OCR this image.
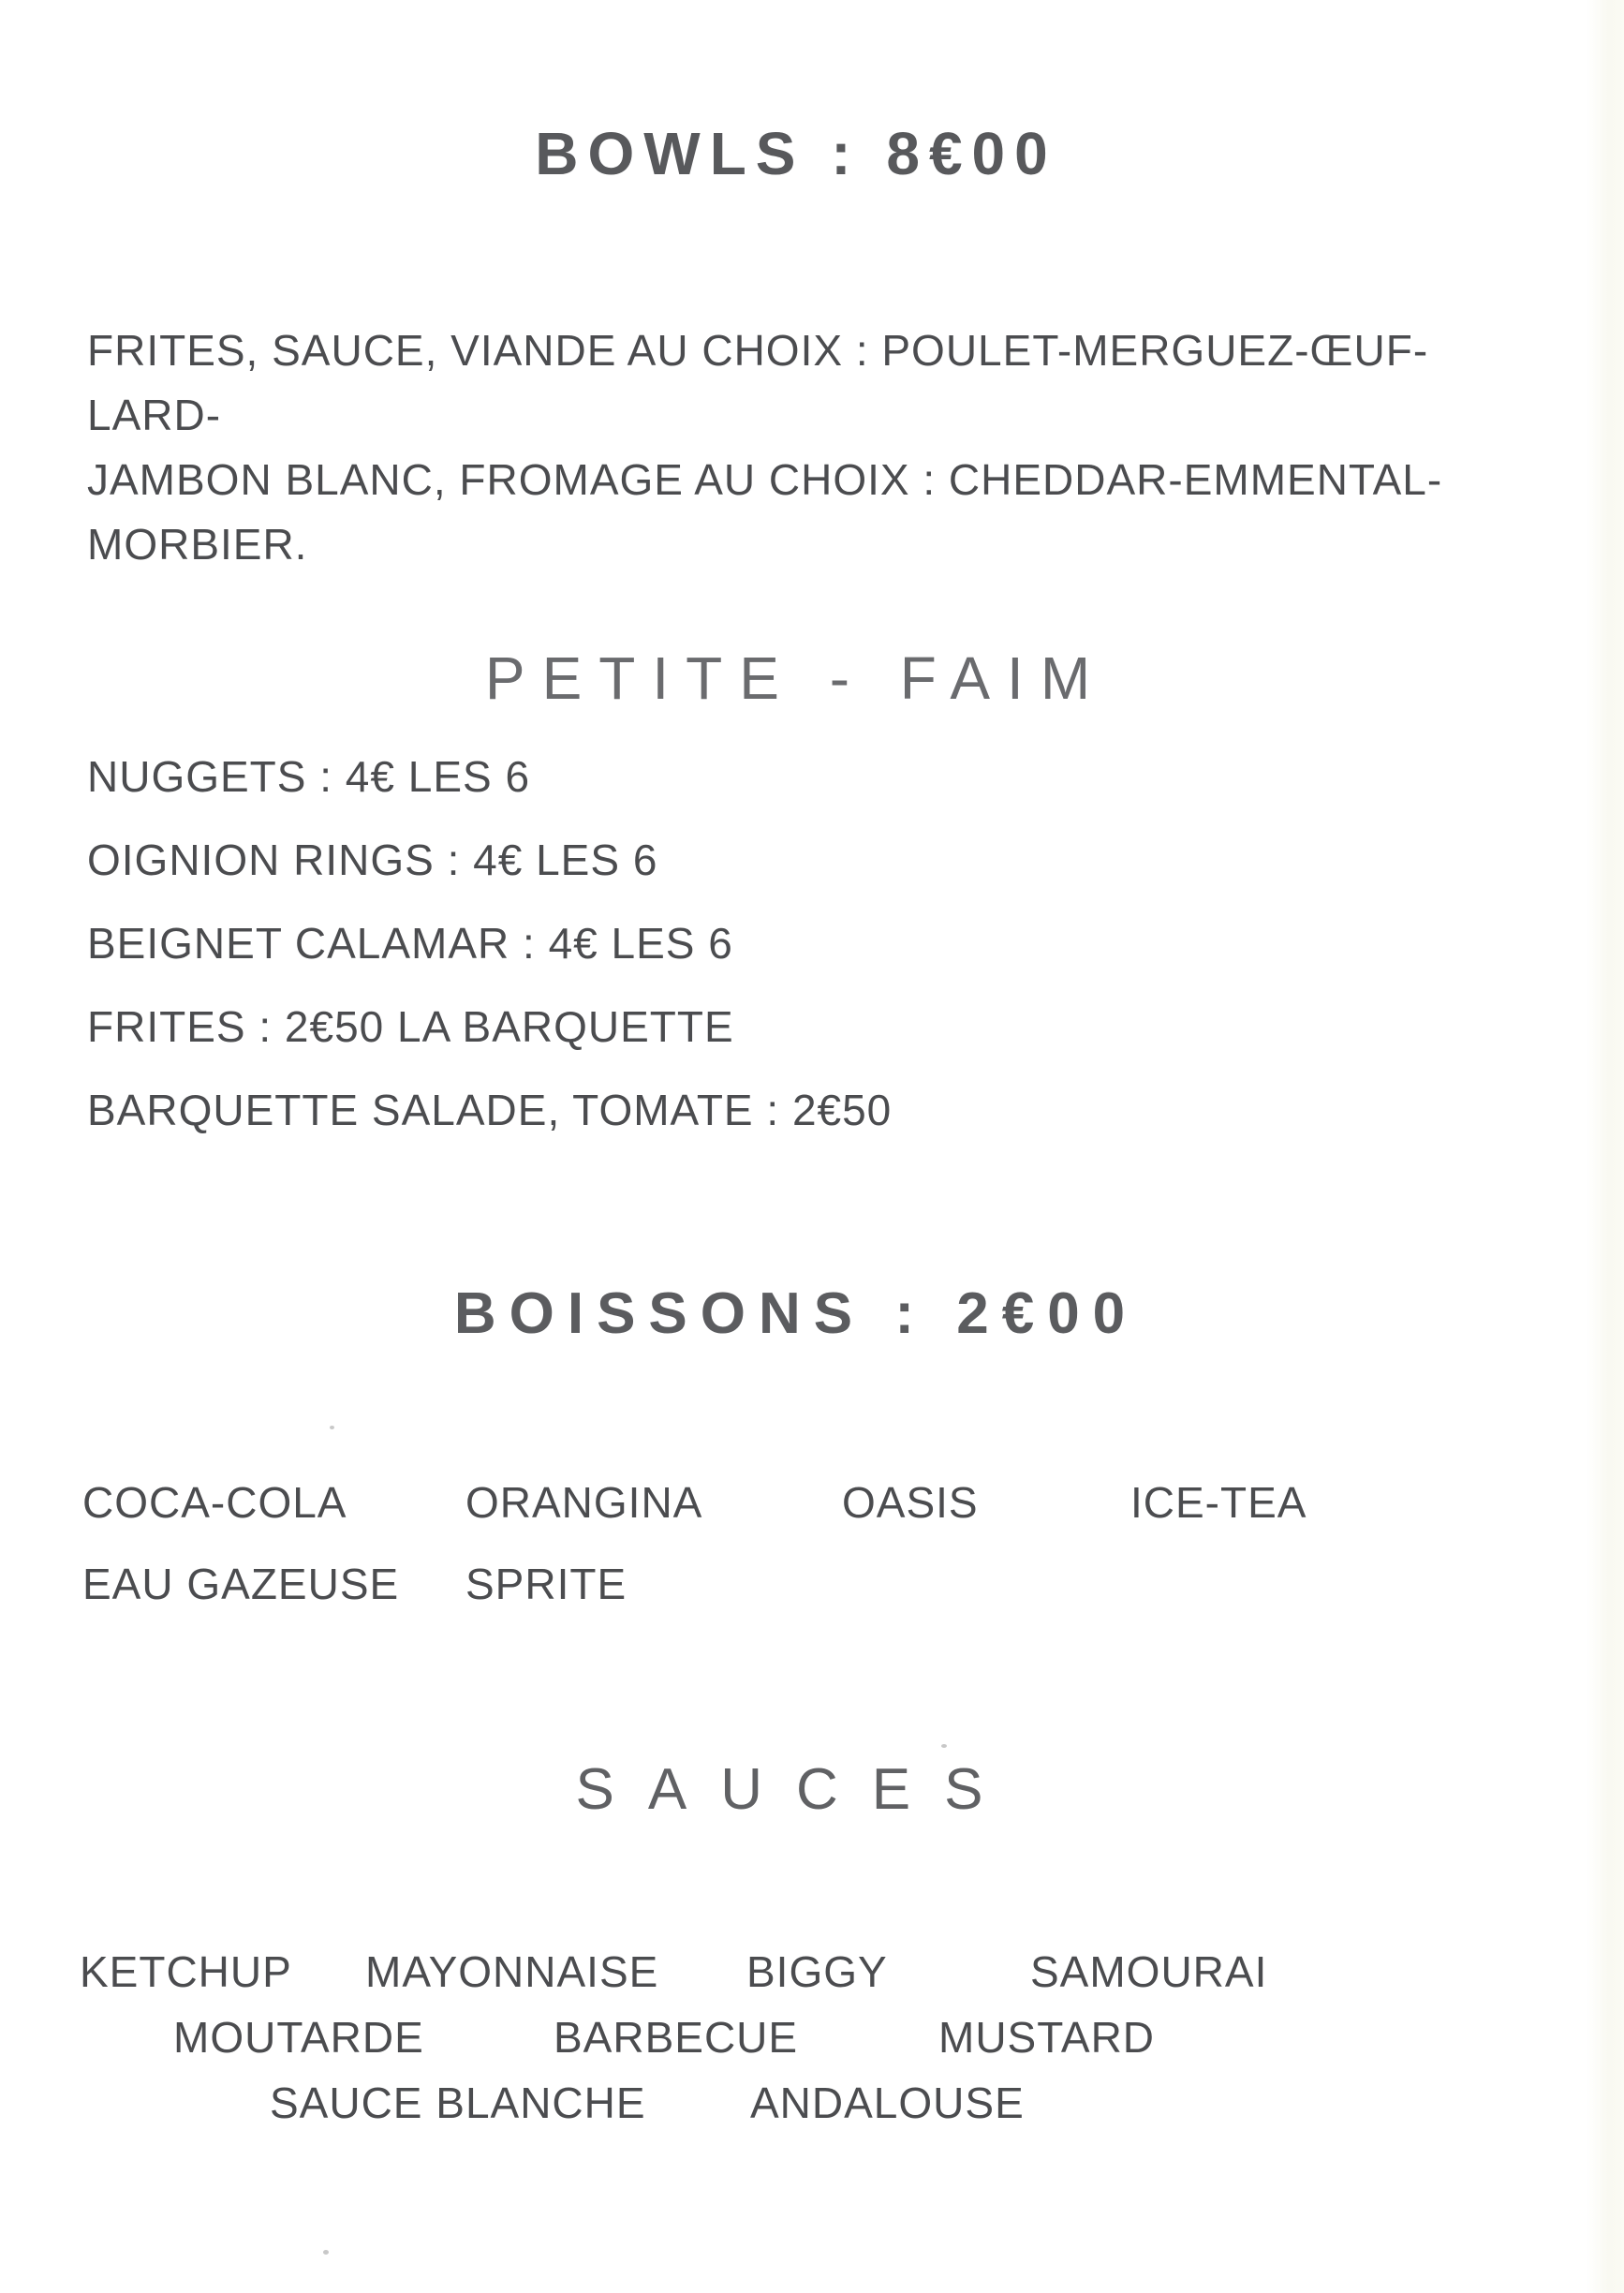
BOWLS : 8€00
FRITES, SAUCE, VIANDE AU CHOIX : POULET-MERGUEZ-ŒUF-LARD-
JAMBON BLANC, FROMAGE AU CHOIX : CHEDDAR-EMMENTAL-
MORBIER.
PETITE - FAIM
NUGGETS : 4€ LES 6
OIGNION RINGS : 4€ LES 6
BEIGNET CALAMAR : 4€ LES 6
FRITES : 2€50 LA BARQUETTE
BARQUETTE SALADE, TOMATE : 2€50
BOISSONS : 2€00
COCA-COLA	ORANGINA	OASIS	ICE-TEA
EAU GAZEUSE SPRITE
SAUCES
KETCHUP MAYONNAISE BIGGY	SAMOURAI
MOUTARDE	BARBECUE	MUSTARD
SAUCE BLANCHE ANDALOUSE
